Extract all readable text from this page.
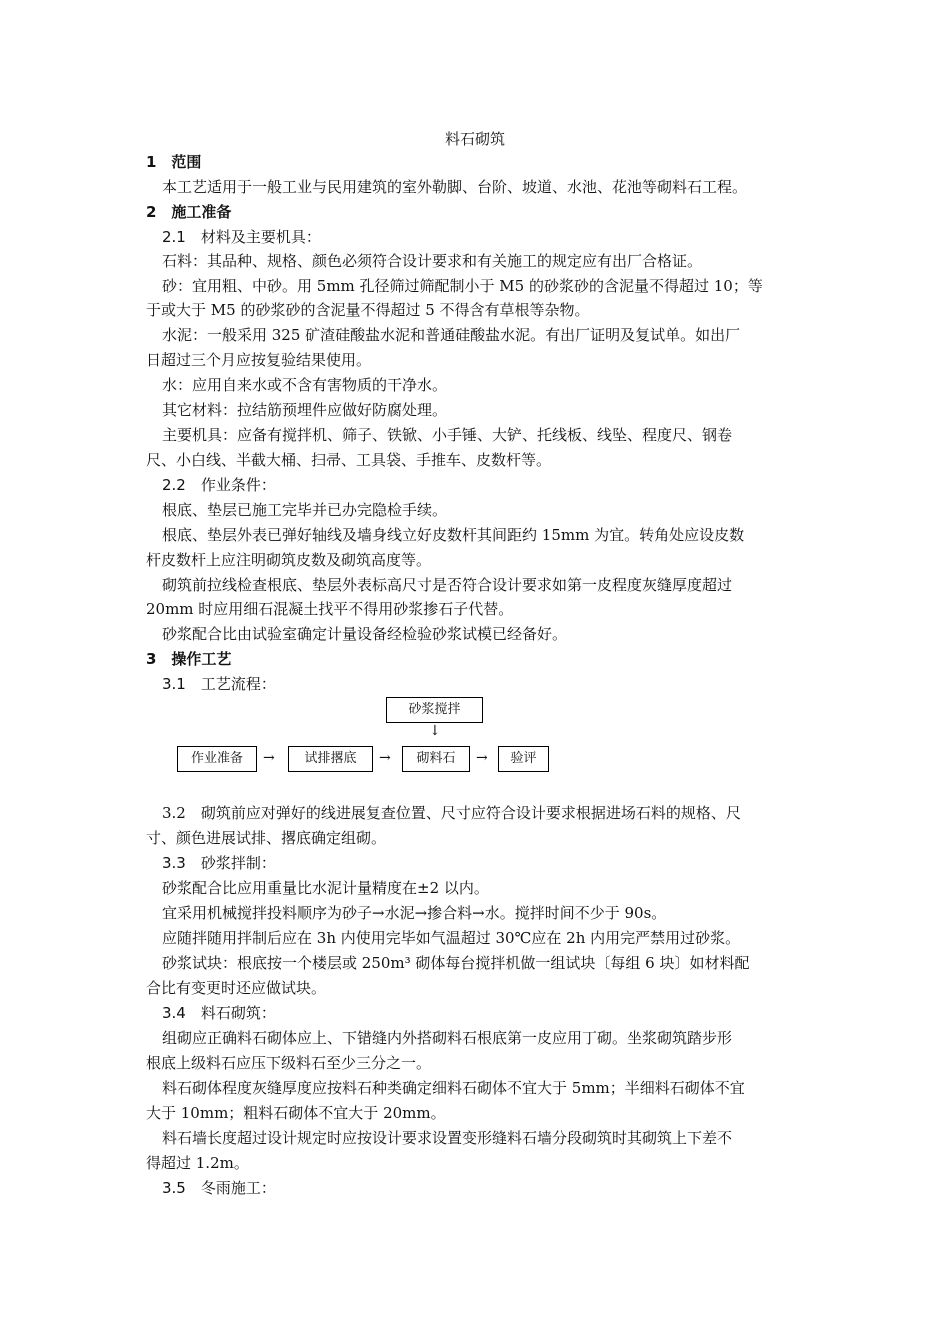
料石砌筑
1　范围
本工艺适用于一般工业与民用建筑的室外勒脚、台阶、坡道、水池、花池等砌料石工程。
2　施工准备
2.1　材料及主要机具：
石料：其品种、规格、颜色必须符合设计要求和有关施工的规定应有出厂合格证。
砂：宜用粗、中砂。用 5mm 孔径筛过筛配制小于 M5 的砂浆砂的含泥量不得超过 10；等
于或大于 M5 的砂浆砂的含泥量不得超过 5 不得含有草根等杂物。
水泥：一般采用 325 矿渣硅酸盐水泥和普通硅酸盐水泥。有出厂证明及复试单。如出厂
日超过三个月应按复验结果使用。
水：应用自来水或不含有害物质的干净水。
其它材料：拉结筋预埋件应做好防腐处理。
主要机具：应备有搅拌机、筛子、铁锨、小手锤、大铲、托线板、线坠、程度尺、钢卷
尺、小白线、半截大桶、扫帚、工具袋、手推车、皮数杆等。
2.2　作业条件：
根底、垫层已施工完毕并已办完隐检手续。
根底、垫层外表已弹好轴线及墙身线立好皮数杆其间距约 15mm 为宜。转角处应设皮数
杆皮数杆上应注明砌筑皮数及砌筑高度等。
砌筑前拉线检查根底、垫层外表标高尺寸是否符合设计要求如第一皮程度灰缝厚度超过
20mm 时应用细石混凝土找平不得用砂浆掺石子代替。
砂浆配合比由试验室确定计量设备经检验砂浆试模已经备好。
3　操作工艺
3.1　工艺流程：
砂浆搅拌
↓
作业准备	→	试排撂底	→	砌料石	→	验评
3.2　砌筑前应对弹好的线进展复查位置、尺寸应符合设计要求根据进场石料的规格、尺
寸、颜色进展试排、撂底确定组砌。
3.3　砂浆拌制：
砂浆配合比应用重量比水泥计量精度在±2 以内。
宜采用机械搅拌投料顺序为砂子→水泥→掺合料→水。搅拌时间不少于 90s。
应随拌随用拌制后应在 3h 内使用完毕如气温超过 30℃应在 2h 内用完严禁用过砂浆。
砂浆试块：根底按一个楼层或 250m³ 砌体每台搅拌机做一组试块〔每组 6 块〕如材料配
合比有变更时还应做试块。
3.4　料石砌筑：
组砌应正确料石砌体应上、下错缝内外搭砌料石根底第一皮应用丁砌。坐浆砌筑踏步形
根底上级料石应压下级料石至少三分之一。
料石砌体程度灰缝厚度应按料石种类确定细料石砌体不宜大于 5mm；半细料石砌体不宜
大于 10mm；粗料石砌体不宜大于 20mm。
料石墙长度超过设计规定时应按设计要求设置变形缝料石墙分段砌筑时其砌筑上下差不
得超过 1.2m。
3.5　冬雨施工：
